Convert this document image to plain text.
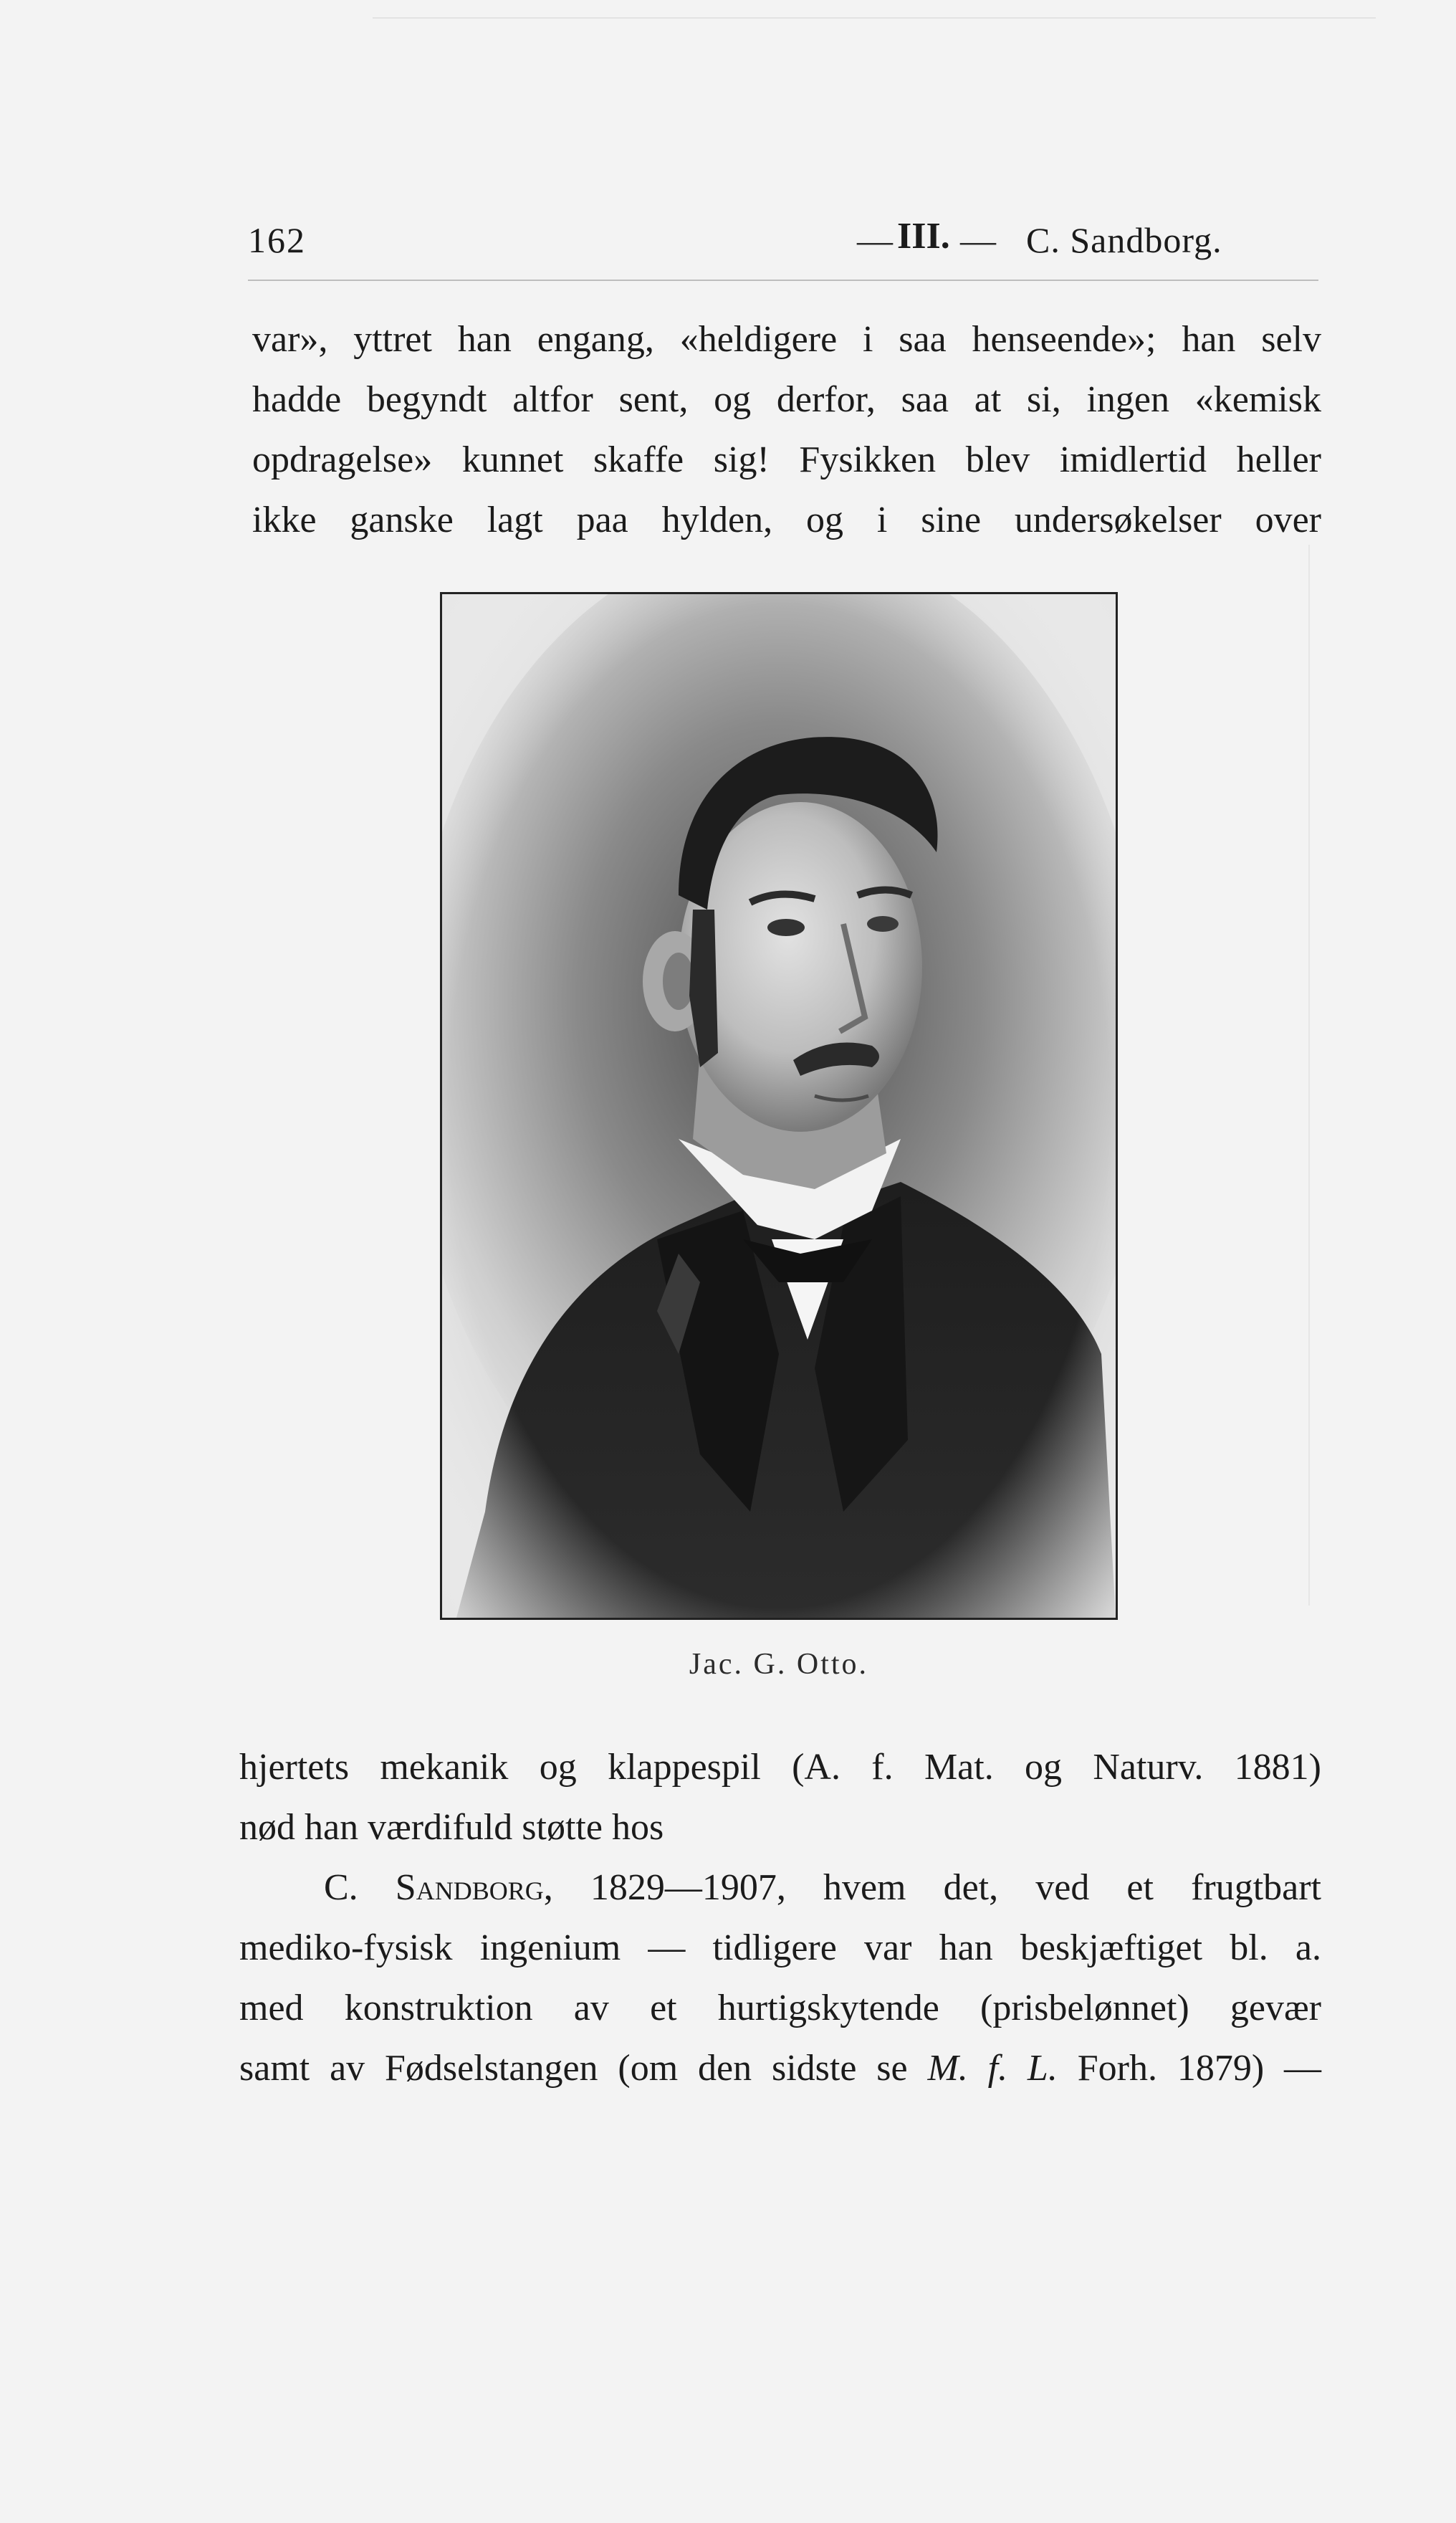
162	— III. — C. Sandborg.
var», yttret han engang, «heldigere i saa henseende»; han selv
hadde begyndt altfor sent, og derfor, saa at si, ingen «kemisk
opdragelse» kunnet skaffe sig! Fysikken blev imidlertid heller
ikke ganske lagt paa hylden, og i sine undersøkelser over
Jac. G. Otto.
hjertets mekanik og klappespil (A. f. Mat. og Naturv. 1881)
nød han værdifuld støtte hos
C. Sandborg, 1829—1907, hvem det, ved et frugtbart
mediko-fysisk ingenium — tidligere var han beskjæftiget bl. a.
med konstruktion av et hurtigskytende (prisbelønnet) gevær
samt av Fødselstangen (om den sidste se M. f. L. Forh. 1879) —
